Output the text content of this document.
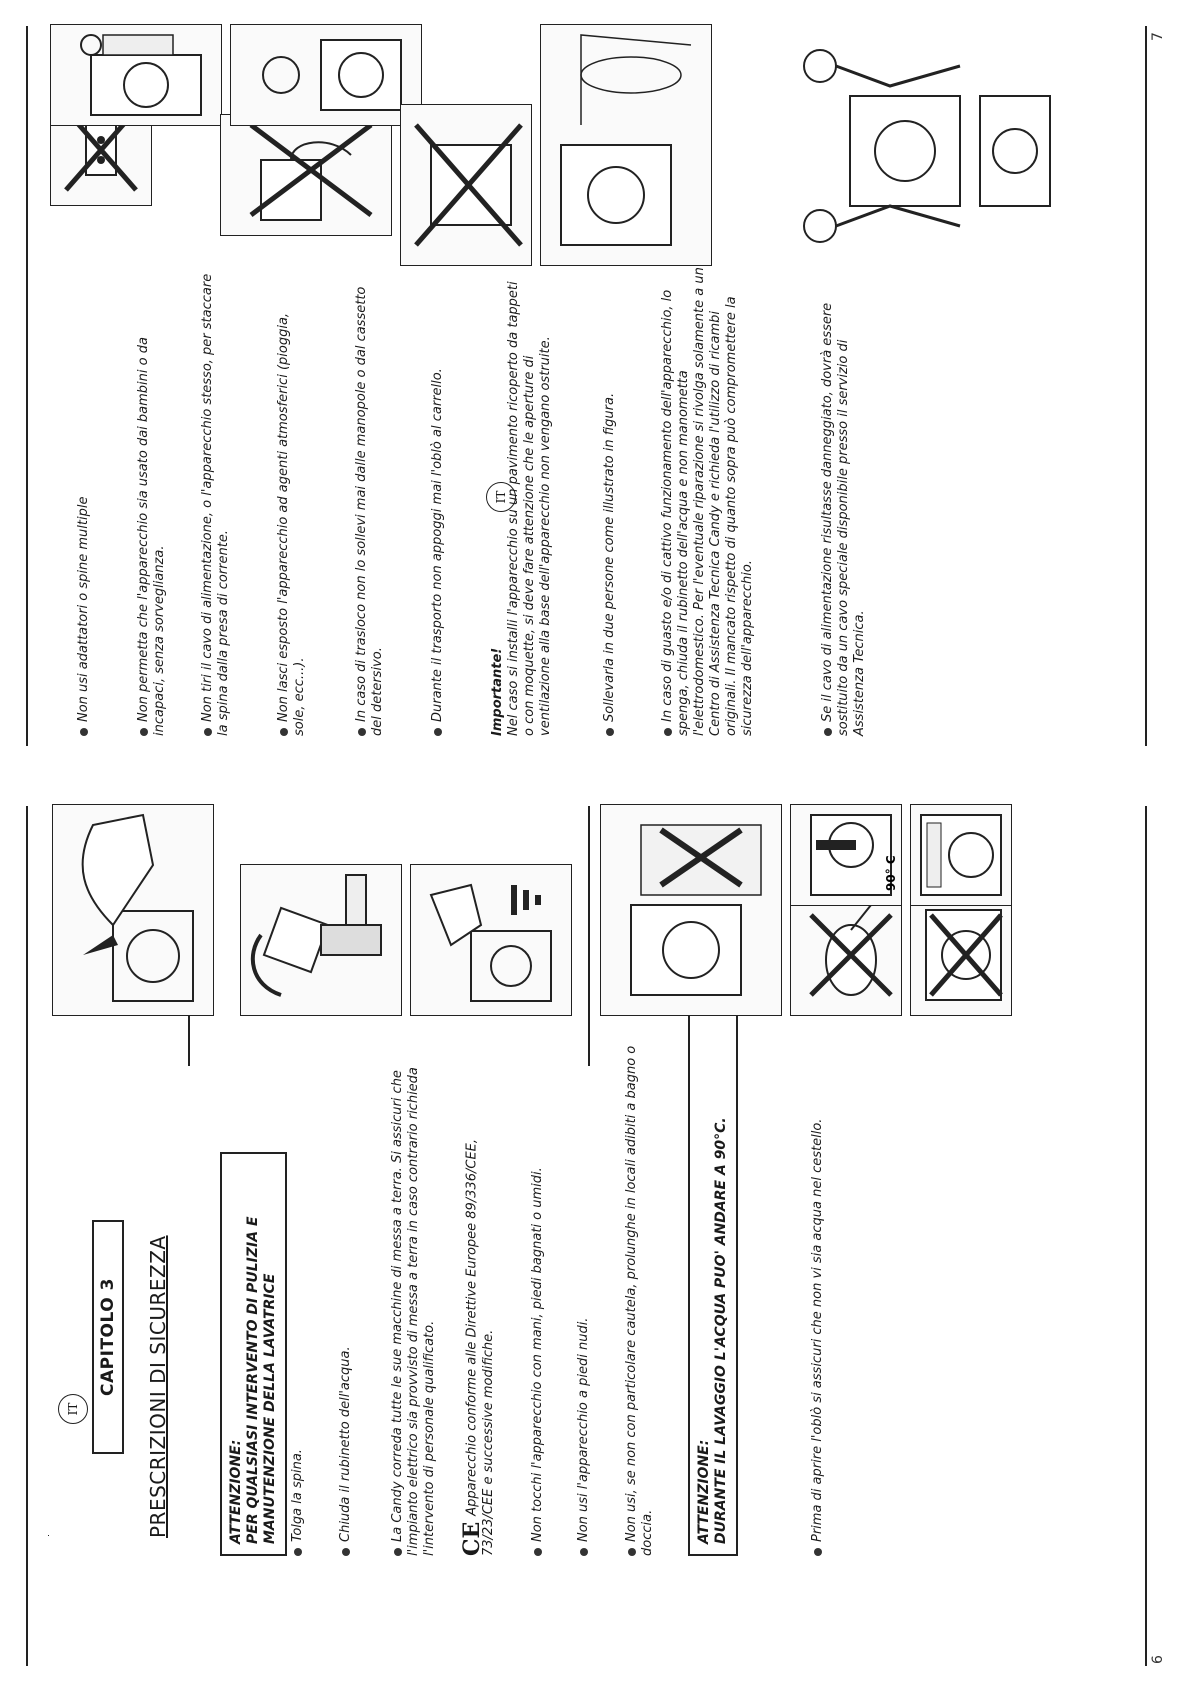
6
7
IT
CAPITOLO 3	PRESCRIZIONI DI SICUREZZA	ATTENZIONE: PER QUALSIASI INTERVENTO DI PULIZIA E MANUTENZIONE DELLA LAVATRICE Tolga la spina.	Chiuda il rubinetto dell'acqua.	La Candy correda tutte le sue macchine di messa a terra. Si assicuri che l'impianto elettrico sia provvisto di messa a terra in caso contrario richieda l'intervento di personale qualificato. CEApparecchio conforme alle Direttive Europee 89/336/CEE, 73/23/CEE e successive modifiche.	Non tocchi l'apparecchio con mani, piedi bagnati o umidi. Non usi l'apparecchio a piedi nudi.	Non usi, se non con particolare cautela, prolunghe in locali adibiti a bagno o doccia.	ATTENZIONE: DURANTE IL LAVAGGIO L'ACQUA PUO' ANDARE A 90°C.	Prima di aprire l'oblò si assicuri che non vi sia acqua nel cestello.
90° C
IT
Non usi adattatori o spine multiple	Non permetta che l'apparecchio sia usato dai bambini o da incapaci, senza sorveglianza.	Non tiri il cavo di alimentazione, o l'apparecchio stesso, per staccare la spina dalla presa di corrente.	Non lasci esposto l'apparecchio ad agenti atmosferici (pioggia, sole, ecc...).	In caso di trasloco non lo sollevi mai dalle manopole o dal cassetto del detersivo.	Durante il trasporto non appoggi mai l'oblò al carrello.	Importante! Nel caso si installi l'apparecchio su un pavimento ricoperto da tappeti o con moquette, si deve fare attenzione che le aperture di ventilazione alla base dell'apparecchio non vengano ostruite.	Sollevarla in due persone come illustrato in figura.	In caso di guasto e/o di cattivo funzionamento dell'apparecchio, lo spenga, chiuda il rubinetto dell'acqua e non manometta l'elettrodomestico. Per l'eventuale riparazione si rivolga solamente a un Centro di Assistenza Tecnica Candy e richieda l'utilizzo di ricambi originali. Il mancato rispetto di quanto sopra può compromettere la sicurezza dell'apparecchio.	Se il cavo di alimentazione risultasse danneggiato, dovrà essere sostituito da un cavo speciale disponibile presso il servizio di Assistenza Tecnica.
